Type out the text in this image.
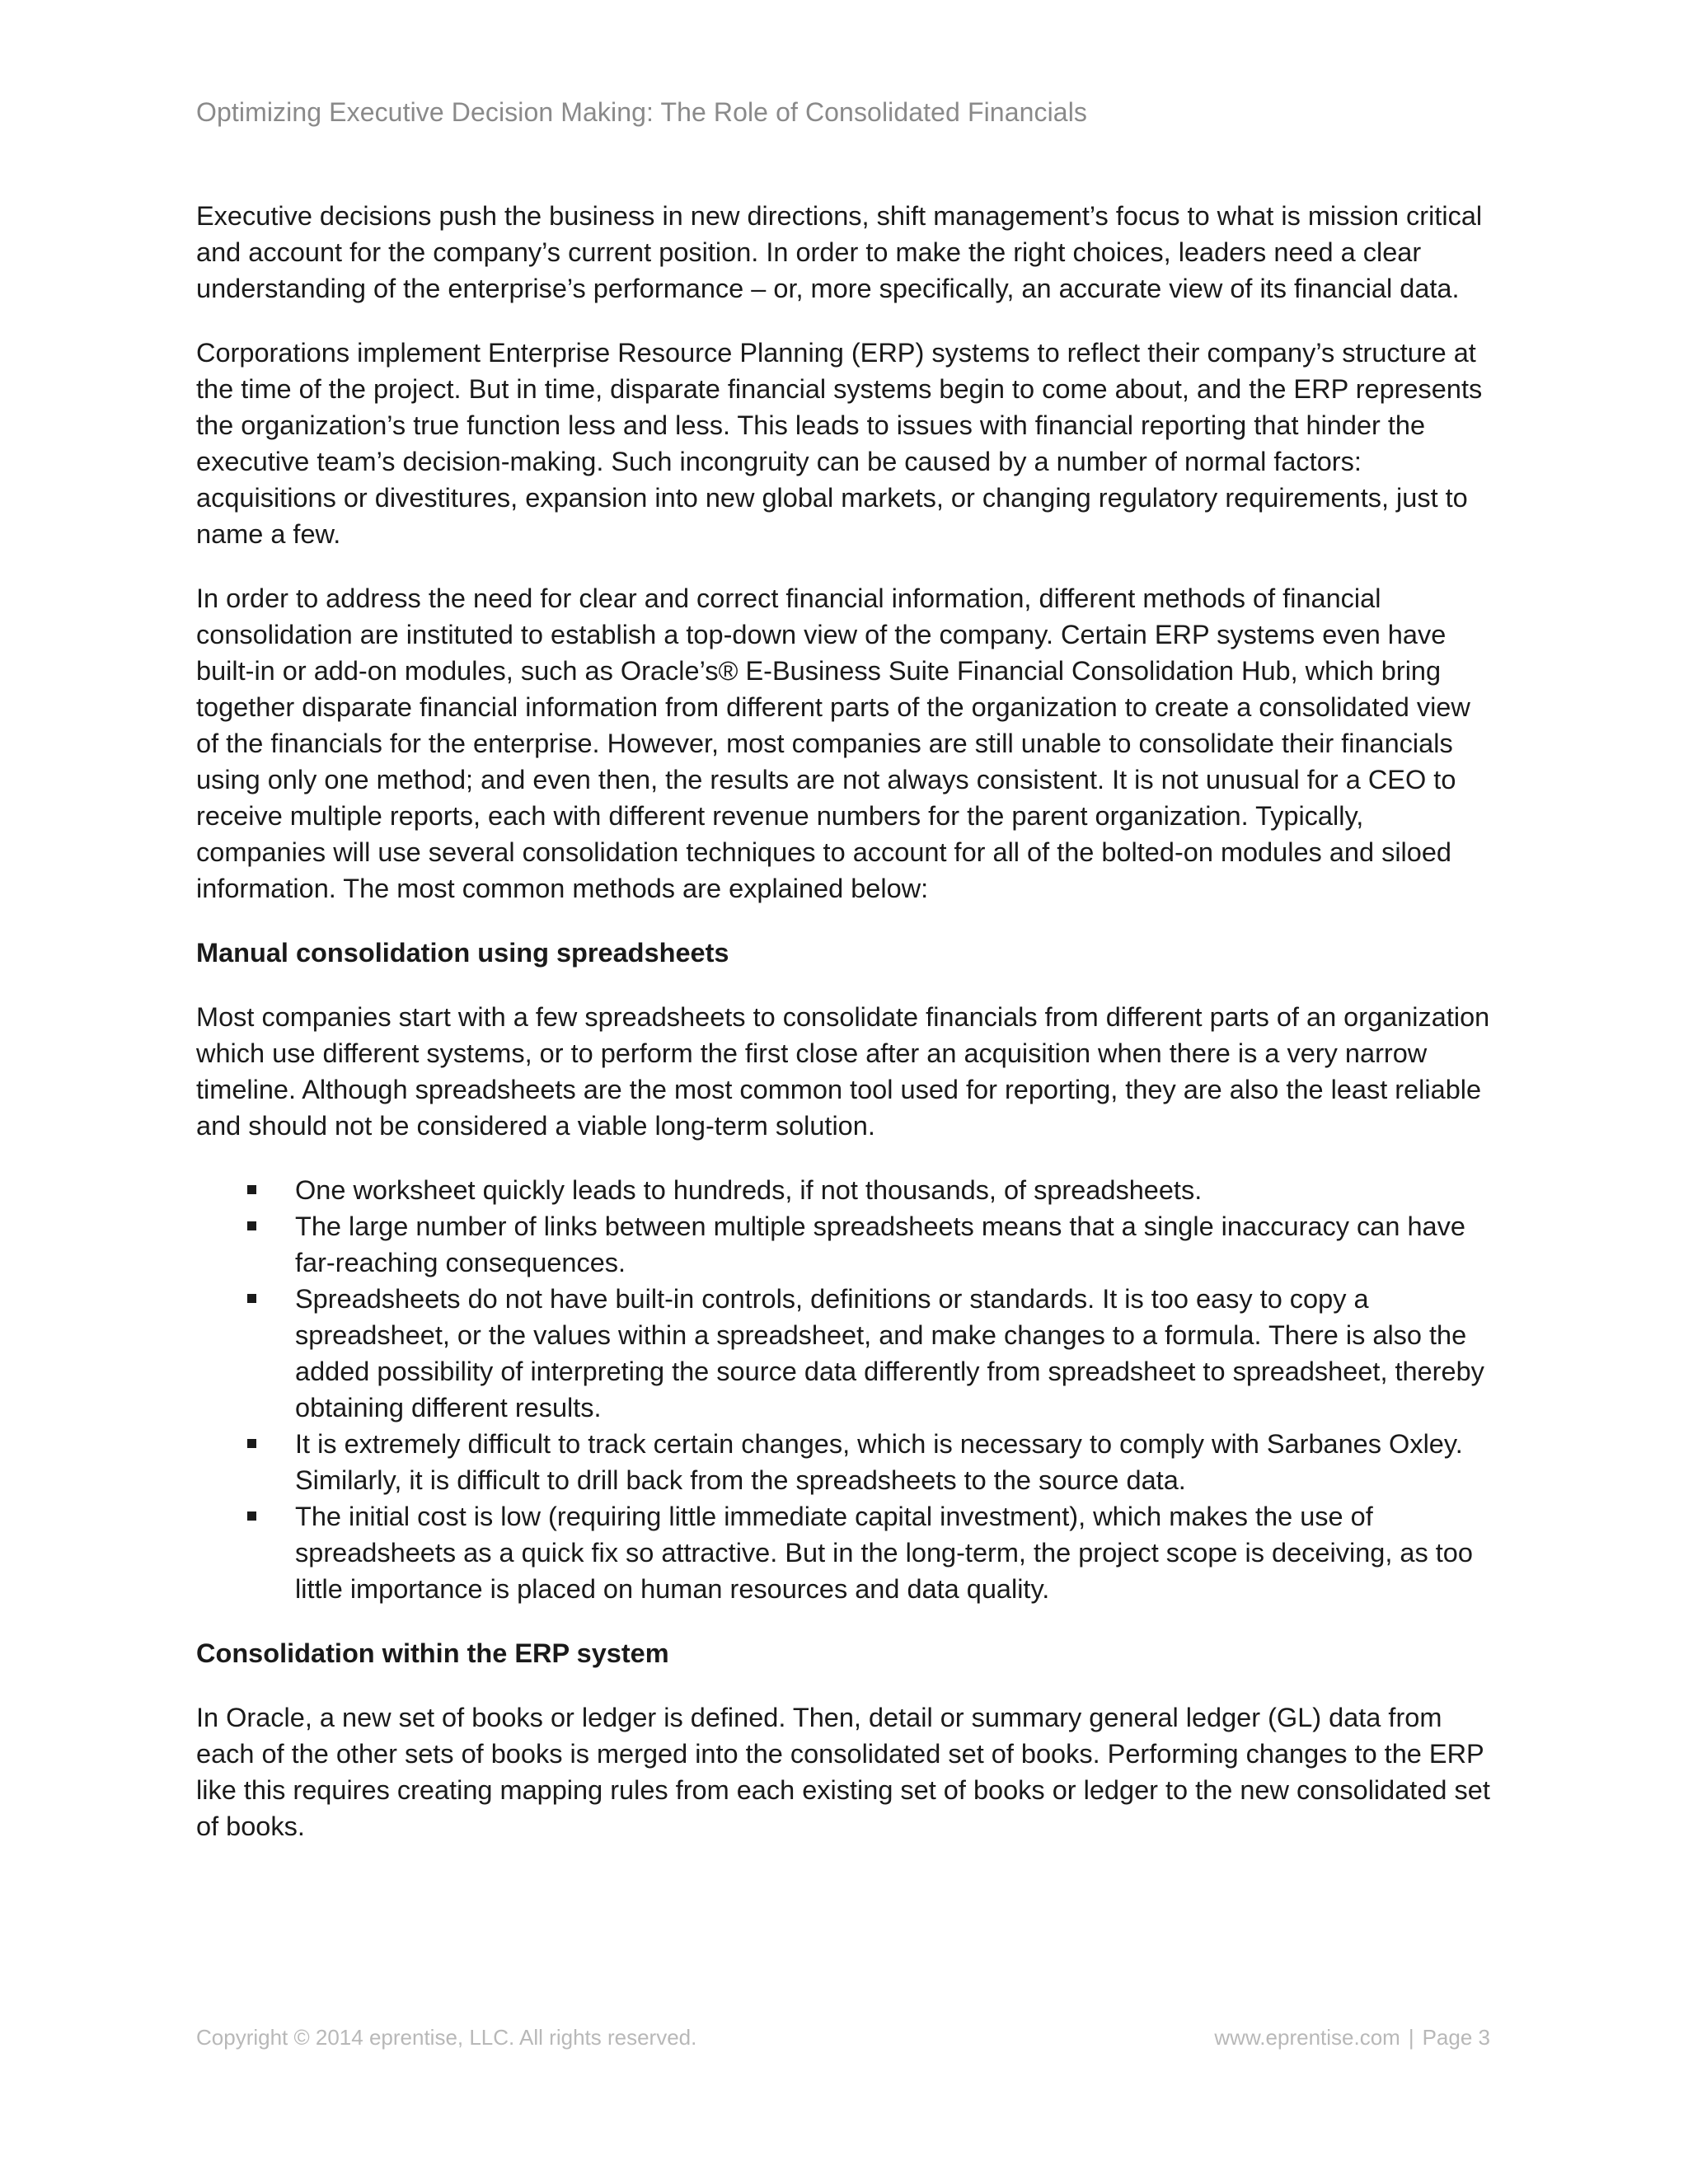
Optimizing Executive Decision Making: The Role of Consolidated Financials

Executive decisions push the business in new directions, shift management’s focus to what is mission critical and account for the company’s current position. In order to make the right choices, leaders need a clear understanding of the enterprise’s performance – or, more specifically, an accurate view of its financial data.

Corporations implement Enterprise Resource Planning (ERP) systems to reflect their company’s structure at the time of the project. But in time, disparate financial systems begin to come about, and the ERP represents the organization’s true function less and less. This leads to issues with financial reporting that hinder the executive team’s decision-making. Such incongruity can be caused by a number of normal factors: acquisitions or divestitures, expansion into new global markets, or changing regulatory requirements, just to name a few.

In order to address the need for clear and correct financial information, different methods of financial consolidation are instituted to establish a top-down view of the company. Certain ERP systems even have built-in or add-on modules, such as Oracle’s® E-Business Suite Financial Consolidation Hub, which bring together disparate financial information from different parts of the organization to create a consolidated view of the financials for the enterprise. However, most companies are still unable to consolidate their financials using only one method; and even then, the results are not always consistent. It is not unusual for a CEO to receive multiple reports, each with different revenue numbers for the parent organization. Typically, companies will use several consolidation techniques to account for all of the bolted-on modules and siloed information. The most common methods are explained below:

Manual consolidation using spreadsheets

Most companies start with a few spreadsheets to consolidate financials from different parts of an organization which use different systems, or to perform the first close after an acquisition when there is a very narrow timeline. Although spreadsheets are the most common tool used for reporting, they are also the least reliable and should not be considered a viable long-term solution.

One worksheet quickly leads to hundreds, if not thousands, of spreadsheets.
The large number of links between multiple spreadsheets means that a single inaccuracy can have far-reaching consequences.
Spreadsheets do not have built-in controls, definitions or standards. It is too easy to copy a spreadsheet, or the values within a spreadsheet, and make changes to a formula. There is also the added possibility of interpreting the source data differently from spreadsheet to spreadsheet, thereby obtaining different results.
It is extremely difficult to track certain changes, which is necessary to comply with Sarbanes Oxley. Similarly, it is difficult to drill back from the spreadsheets to the source data.
The initial cost is low (requiring little immediate capital investment), which makes the use of spreadsheets as a quick fix so attractive. But in the long-term, the project scope is deceiving, as too little importance is placed on human resources and data quality.
Consolidation within the ERP system

In Oracle, a new set of books or ledger is defined. Then, detail or summary general ledger (GL) data from each of the other sets of books is merged into the consolidated set of books. Performing changes to the ERP like this requires creating mapping rules from each existing set of books or ledger to the new consolidated set of books.

Copyright © 2014 eprentise, LLC. All rights reserved.	www.eprentise.com | Page 3
